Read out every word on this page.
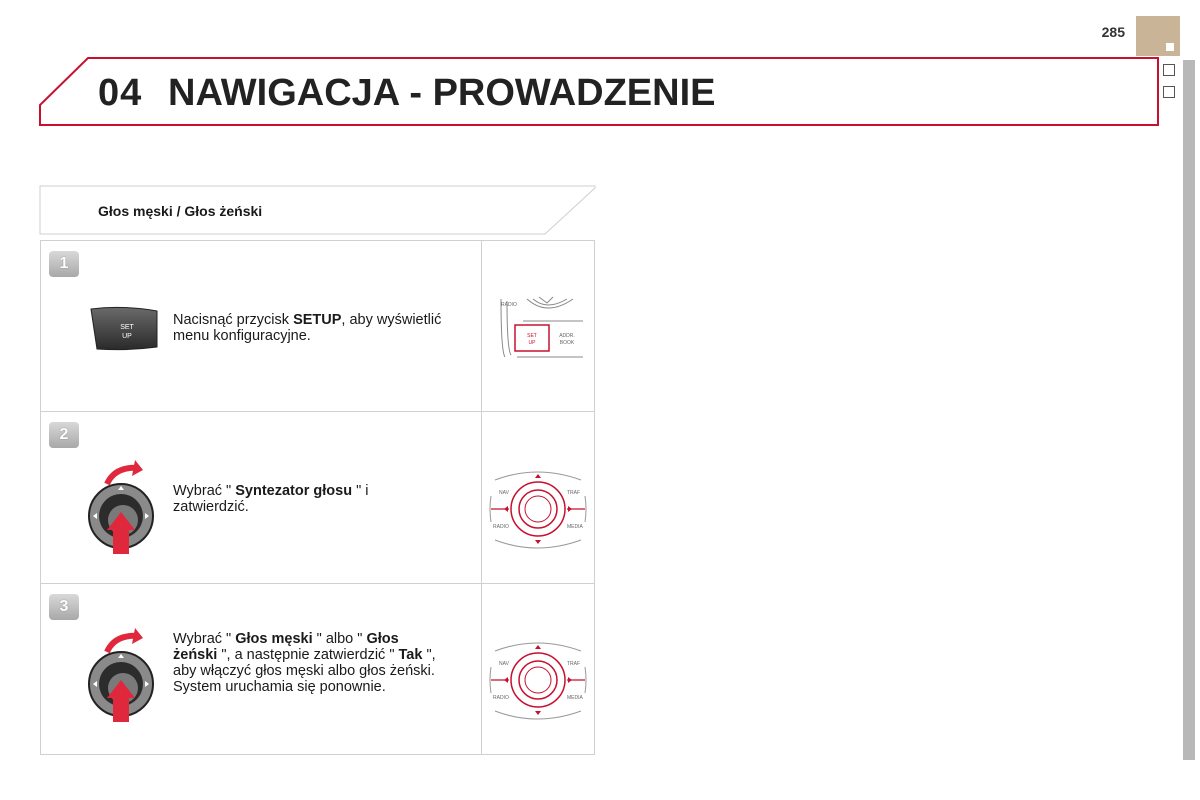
285
04 NAWIGACJA - PROWADZENIE
Głos męski / Głos żeński
1
SET
UP
Nacisnąć przycisk SETUP, aby wyświetlić menu konfiguracyjne.
RADIO
SET
UP
ADDR.
BOOK
2
Wybrać " Syntezator głosu " i zatwierdzić.
NAV	TRAF
RADIO	MEDIA
3
Wybrać " Głos męski " albo " Głos żeński ", a następnie zatwierdzić " Tak ", aby włączyć głos męski albo głos żeński. System uruchamia się ponownie.
NAV	TRAF
RADIO	MEDIA
